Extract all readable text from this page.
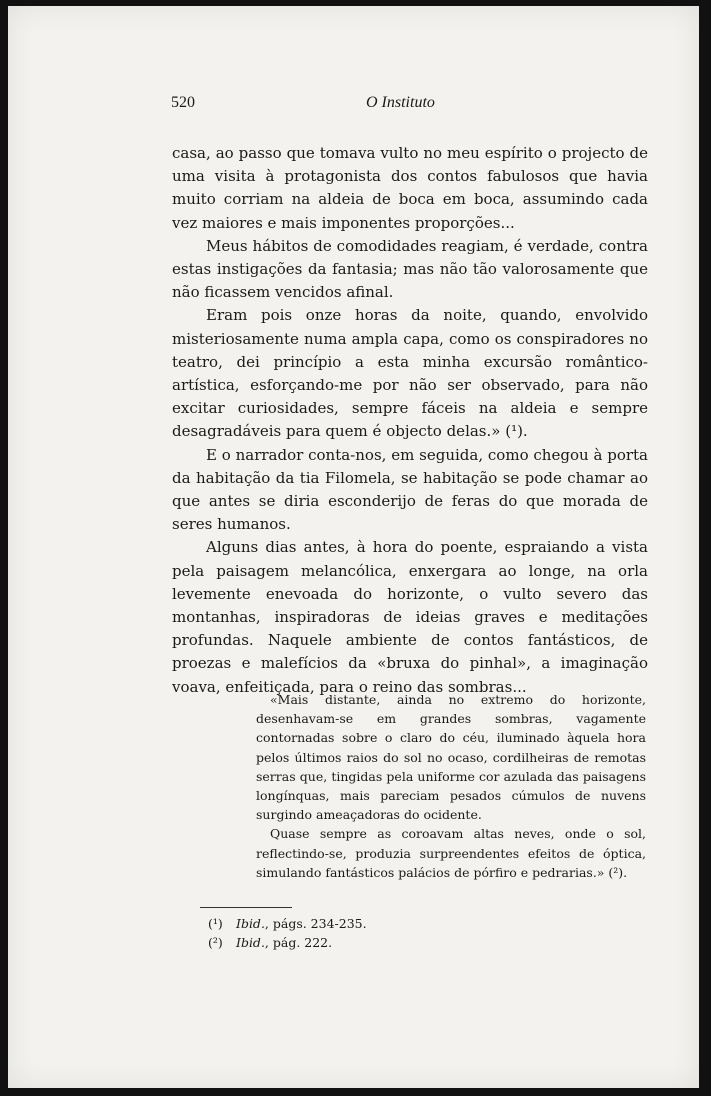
520	O Instituto

casa, ao passo que tomava vulto no meu espírito o projecto de uma visita à protagonista dos contos fabulosos que havia muito corriam na aldeia de boca em boca, assumindo cada vez maiores e mais imponentes proporções...

Meus hábitos de comodidades reagiam, é verdade, contra estas instigações da fantasia; mas não tão valorosamente que não ficassem vencidos afinal.

Eram pois onze horas da noite, quando, envolvido misteriosamente numa ampla capa, como os conspiradores no teatro, dei princípio a esta minha excursão romântico-artística, esforçando-me por não ser observado, para não excitar curiosidades, sempre fáceis na aldeia e sempre desagradáveis para quem é objecto delas.» (¹).

E o narrador conta-nos, em seguida, como chegou à porta da habitação da tia Filomela, se habitação se pode chamar ao que antes se diria esconderijo de feras do que morada de seres humanos.

Alguns dias antes, à hora do poente, espraiando a vista pela paisagem melancólica, enxergara ao longe, na orla levemente enevoada do horizonte, o vulto severo das montanhas, inspiradoras de ideias graves e meditações profundas. Naquele ambiente de contos fantásticos, de proezas e malefícios da «bruxa do pinhal», a imaginação voava, enfeitiçada, para o reino das sombras...

«Mais distante, ainda no extremo do horizonte, desenhavam-se em grandes sombras, vagamente contornadas sobre o claro do céu, iluminado àquela hora pelos últimos raios do sol no ocaso, cordilheiras de remotas serras que, tingidas pela uniforme cor azulada das paisagens longínquas, mais pareciam pesados cúmulos de nuvens surgindo ameaçadoras do ocidente.

Quase sempre as coroavam altas neves, onde o sol, reflectindo-se, produzia surpreendentes efeitos de óptica, simulando fantásticos palácios de pórfiro e pedrarias.» (²).

(¹) Ibid., págs. 234-235.

(²) Ibid., pág. 222.
